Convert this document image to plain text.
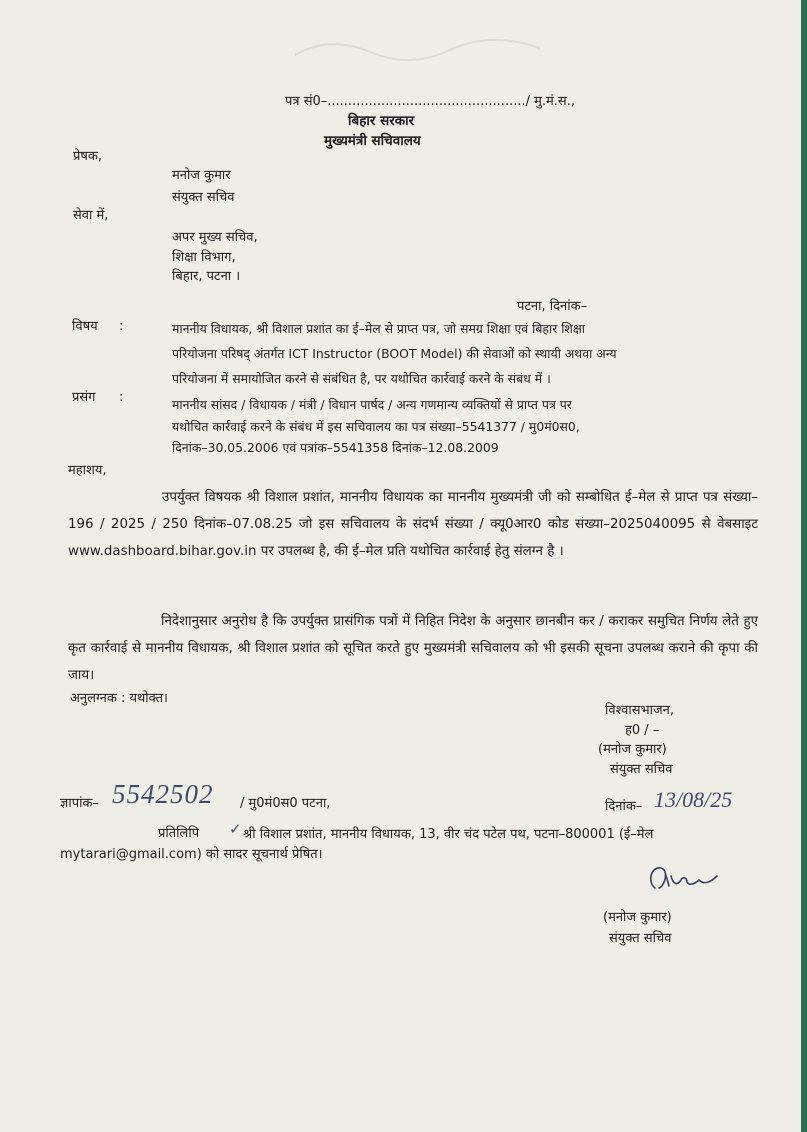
पत्र सं0–................................................/ मु.मं.स.,
बिहार सरकार
मुख्यमंत्री सचिवालय
प्रेषक,
मनोज कुमार
संयुक्त सचिव
सेवा में,
अपर मुख्य सचिव,
शिक्षा विभाग,
बिहार, पटना ।
पटना, दिनांक–
विषय :	माननीय विधायक, श्री विशाल प्रशांत का ई–मेल से प्राप्त पत्र, जो समग्र शिक्षा एवं बिहार शिक्षा
परियोजना परिषद् अंतर्गत ICT Instructor (BOOT Model) की सेवाओं को स्थायी अथवा अन्य
परियोजना में समायोजित करने से संबंधित है, पर यथोचित कार्रवाई करने के संबंध में ।
प्रसंग :	माननीय सांसद / विधायक / मंत्री / विधान पार्षद / अन्य गणमान्य व्यक्तियों से प्राप्त पत्र पर
यथोचित कार्रवाई करने के संबंध में इस सचिवालय का पत्र संख्या–5541377 / मु0मं0स0,
दिनांक–30.05.2006 एवं पत्रांक–5541358 दिनांक–12.08.2009
महाशय,
उपर्युक्त विषयक श्री विशाल प्रशांत, माननीय विधायक का माननीय मुख्यमंत्री जी को सम्बोधित ई–मेल से प्राप्त पत्र संख्या–196 / 2025 / 250 दिनांक–07.08.25 जो इस सचिवालय के संदर्भ संख्या / क्यू0आर0 कोड संख्या–2025040095 से वेबसाइट www.dashboard.bihar.gov.in पर उपलब्ध है, की ई–मेल प्रति यथोचित कार्रवाई हेतु संलग्न है ।
निदेशानुसार अनुरोध है कि उपर्युक्त प्रासंगिक पत्रों में निहित निदेश के अनुसार छानबीन कर / कराकर समुचित निर्णय लेते हुए कृत कार्रवाई से माननीय विधायक, श्री विशाल प्रशांत को सूचित करते हुए मुख्यमंत्री सचिवालय को भी इसकी सूचना उपलब्ध कराने की कृपा की जाय।
अनुलग्नक : यथोक्त।
विश्वासभाजन,
ह0 / –
(मनोज कुमार)
संयुक्त सचिव
ज्ञापांक– 5542502 / मु0मं0स0 पटना,	दिनांक– 13/08/25
प्रतिलिपि ✓ श्री विशाल प्रशांत, माननीय विधायक, 13, वीर चंद पटेल पथ, पटना–800001 (ई–मेल
mytarari@gmail.com) को सादर सूचनार्थ प्रेषित।
(मनोज कुमार)
संयुक्त सचिव
